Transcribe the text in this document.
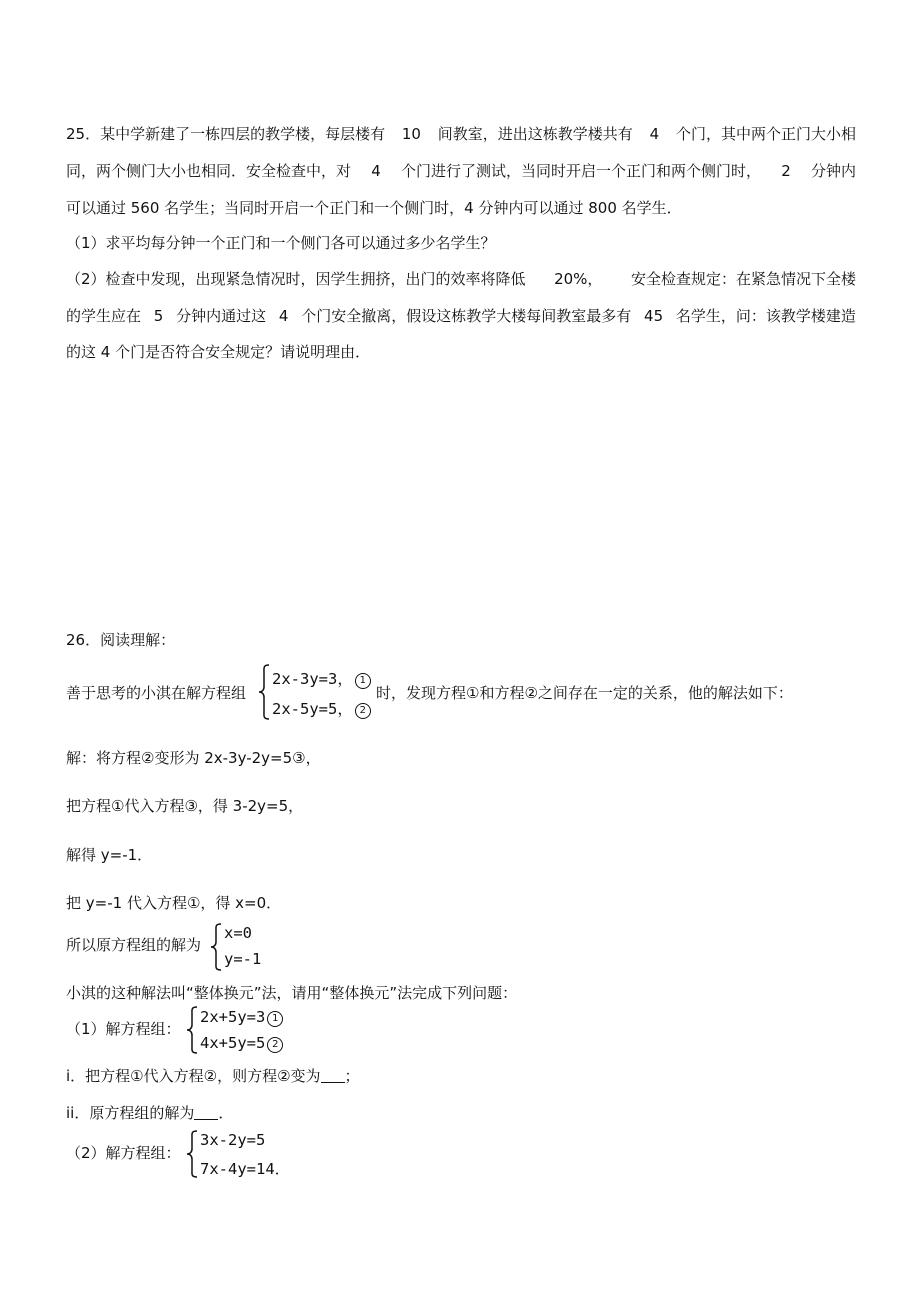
25．某中学新建了一栋四层的教学楼，每层楼有 10 间教室，进出这栋教学楼共有 4 个门，其中两个正门大小相
同，两个侧门大小也相同．安全检查中，对 4 个门进行了测试，当同时开启一个正门和两个侧门时， 2 分钟内
可以通过 560 名学生；当同时开启一个正门和一个侧门时，4 分钟内可以通过 800 名学生．
（1）求平均每分钟一个正门和一个侧门各可以通过多少名学生？
（2）检查中发现，出现紧急情况时，因学生拥挤，出门的效率将降低 20%， 安全检查规定：在紧急情况下全楼
的学生应在 5 分钟内通过这 4 个门安全撤离，假设这栋教学大楼每间教室最多有 45 名学生，问：该教学楼建造
的这 4 个门是否符合安全规定？请说明理由．
26．阅读理解：
善于思考的小淇在解方程组
2x-3y=3， 1
2x-5y=5， 2
时，发现方程①和方程②之间存在一定的关系，他的解法如下：
解：将方程②变形为 2x-3y-2y=5③，
把方程①代入方程③，得 3-2y=5，
解得 y=-1．
把 y=-1 代入方程①，得 x=0．
所以原方程组的解为
x=0
y=-1
小淇的这种解法叫“整体换元”法，请用“整体换元”法完成下列问题：
（1）解方程组：
2x+5y=3 1
4x+5y=5 2
i．把方程①代入方程②，则方程②变为 ；
ii．原方程组的解为 ．
（2）解方程组：
3x-2y=5
7x-4y=14．
